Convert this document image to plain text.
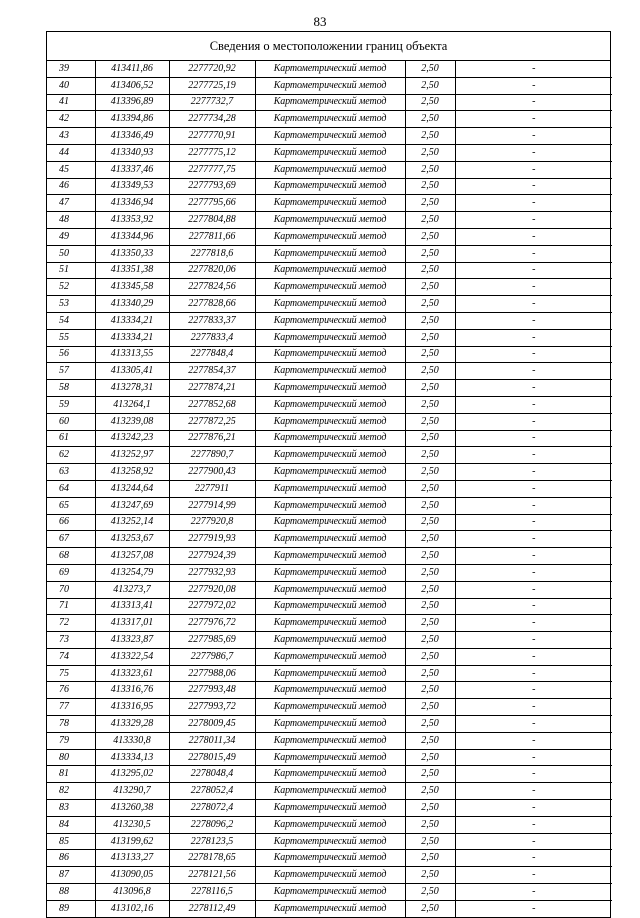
83
Сведения о местоположении границ объекта
39	413411,86	2277720,92	Картометрический метод	2,50	-
40	413406,52	2277725,19	Картометрический метод	2,50	-
41	413396,89	2277732,7	Картометрический метод	2,50	-
42	413394,86	2277734,28	Картометрический метод	2,50	-
43	413346,49	2277770,91	Картометрический метод	2,50	-
44	413340,93	2277775,12	Картометрический метод	2,50	-
45	413337,46	2277777,75	Картометрический метод	2,50	-
46	413349,53	2277793,69	Картометрический метод	2,50	-
47	413346,94	2277795,66	Картометрический метод	2,50	-
48	413353,92	2277804,88	Картометрический метод	2,50	-
49	413344,96	2277811,66	Картометрический метод	2,50	-
50	413350,33	2277818,6	Картометрический метод	2,50	-
51	413351,38	2277820,06	Картометрический метод	2,50	-
52	413345,58	2277824,56	Картометрический метод	2,50	-
53	413340,29	2277828,66	Картометрический метод	2,50	-
54	413334,21	2277833,37	Картометрический метод	2,50	-
55	413334,21	2277833,4	Картометрический метод	2,50	-
56	413313,55	2277848,4	Картометрический метод	2,50	-
57	413305,41	2277854,37	Картометрический метод	2,50	-
58	413278,31	2277874,21	Картометрический метод	2,50	-
59	413264,1	2277852,68	Картометрический метод	2,50	-
60	413239,08	2277872,25	Картометрический метод	2,50	-
61	413242,23	2277876,21	Картометрический метод	2,50	-
62	413252,97	2277890,7	Картометрический метод	2,50	-
63	413258,92	2277900,43	Картометрический метод	2,50	-
64	413244,64	2277911	Картометрический метод	2,50	-
65	413247,69	2277914,99	Картометрический метод	2,50	-
66	413252,14	2277920,8	Картометрический метод	2,50	-
67	413253,67	2277919,93	Картометрический метод	2,50	-
68	413257,08	2277924,39	Картометрический метод	2,50	-
69	413254,79	2277932,93	Картометрический метод	2,50	-
70	413273,7	2277920,08	Картометрический метод	2,50	-
71	413313,41	2277972,02	Картометрический метод	2,50	-
72	413317,01	2277976,72	Картометрический метод	2,50	-
73	413323,87	2277985,69	Картометрический метод	2,50	-
74	413322,54	2277986,7	Картометрический метод	2,50	-
75	413323,61	2277988,06	Картометрический метод	2,50	-
76	413316,76	2277993,48	Картометрический метод	2,50	-
77	413316,95	2277993,72	Картометрический метод	2,50	-
78	413329,28	2278009,45	Картометрический метод	2,50	-
79	413330,8	2278011,34	Картометрический метод	2,50	-
80	413334,13	2278015,49	Картометрический метод	2,50	-
81	413295,02	2278048,4	Картометрический метод	2,50	-
82	413290,7	2278052,4	Картометрический метод	2,50	-
83	413260,38	2278072,4	Картометрический метод	2,50	-
84	413230,5	2278096,2	Картометрический метод	2,50	-
85	413199,62	2278123,5	Картометрический метод	2,50	-
86	413133,27	2278178,65	Картометрический метод	2,50	-
87	413090,05	2278121,56	Картометрический метод	2,50	-
88	413096,8	2278116,5	Картометрический метод	2,50	-
89	413102,16	2278112,49	Картометрический метод	2,50	-
